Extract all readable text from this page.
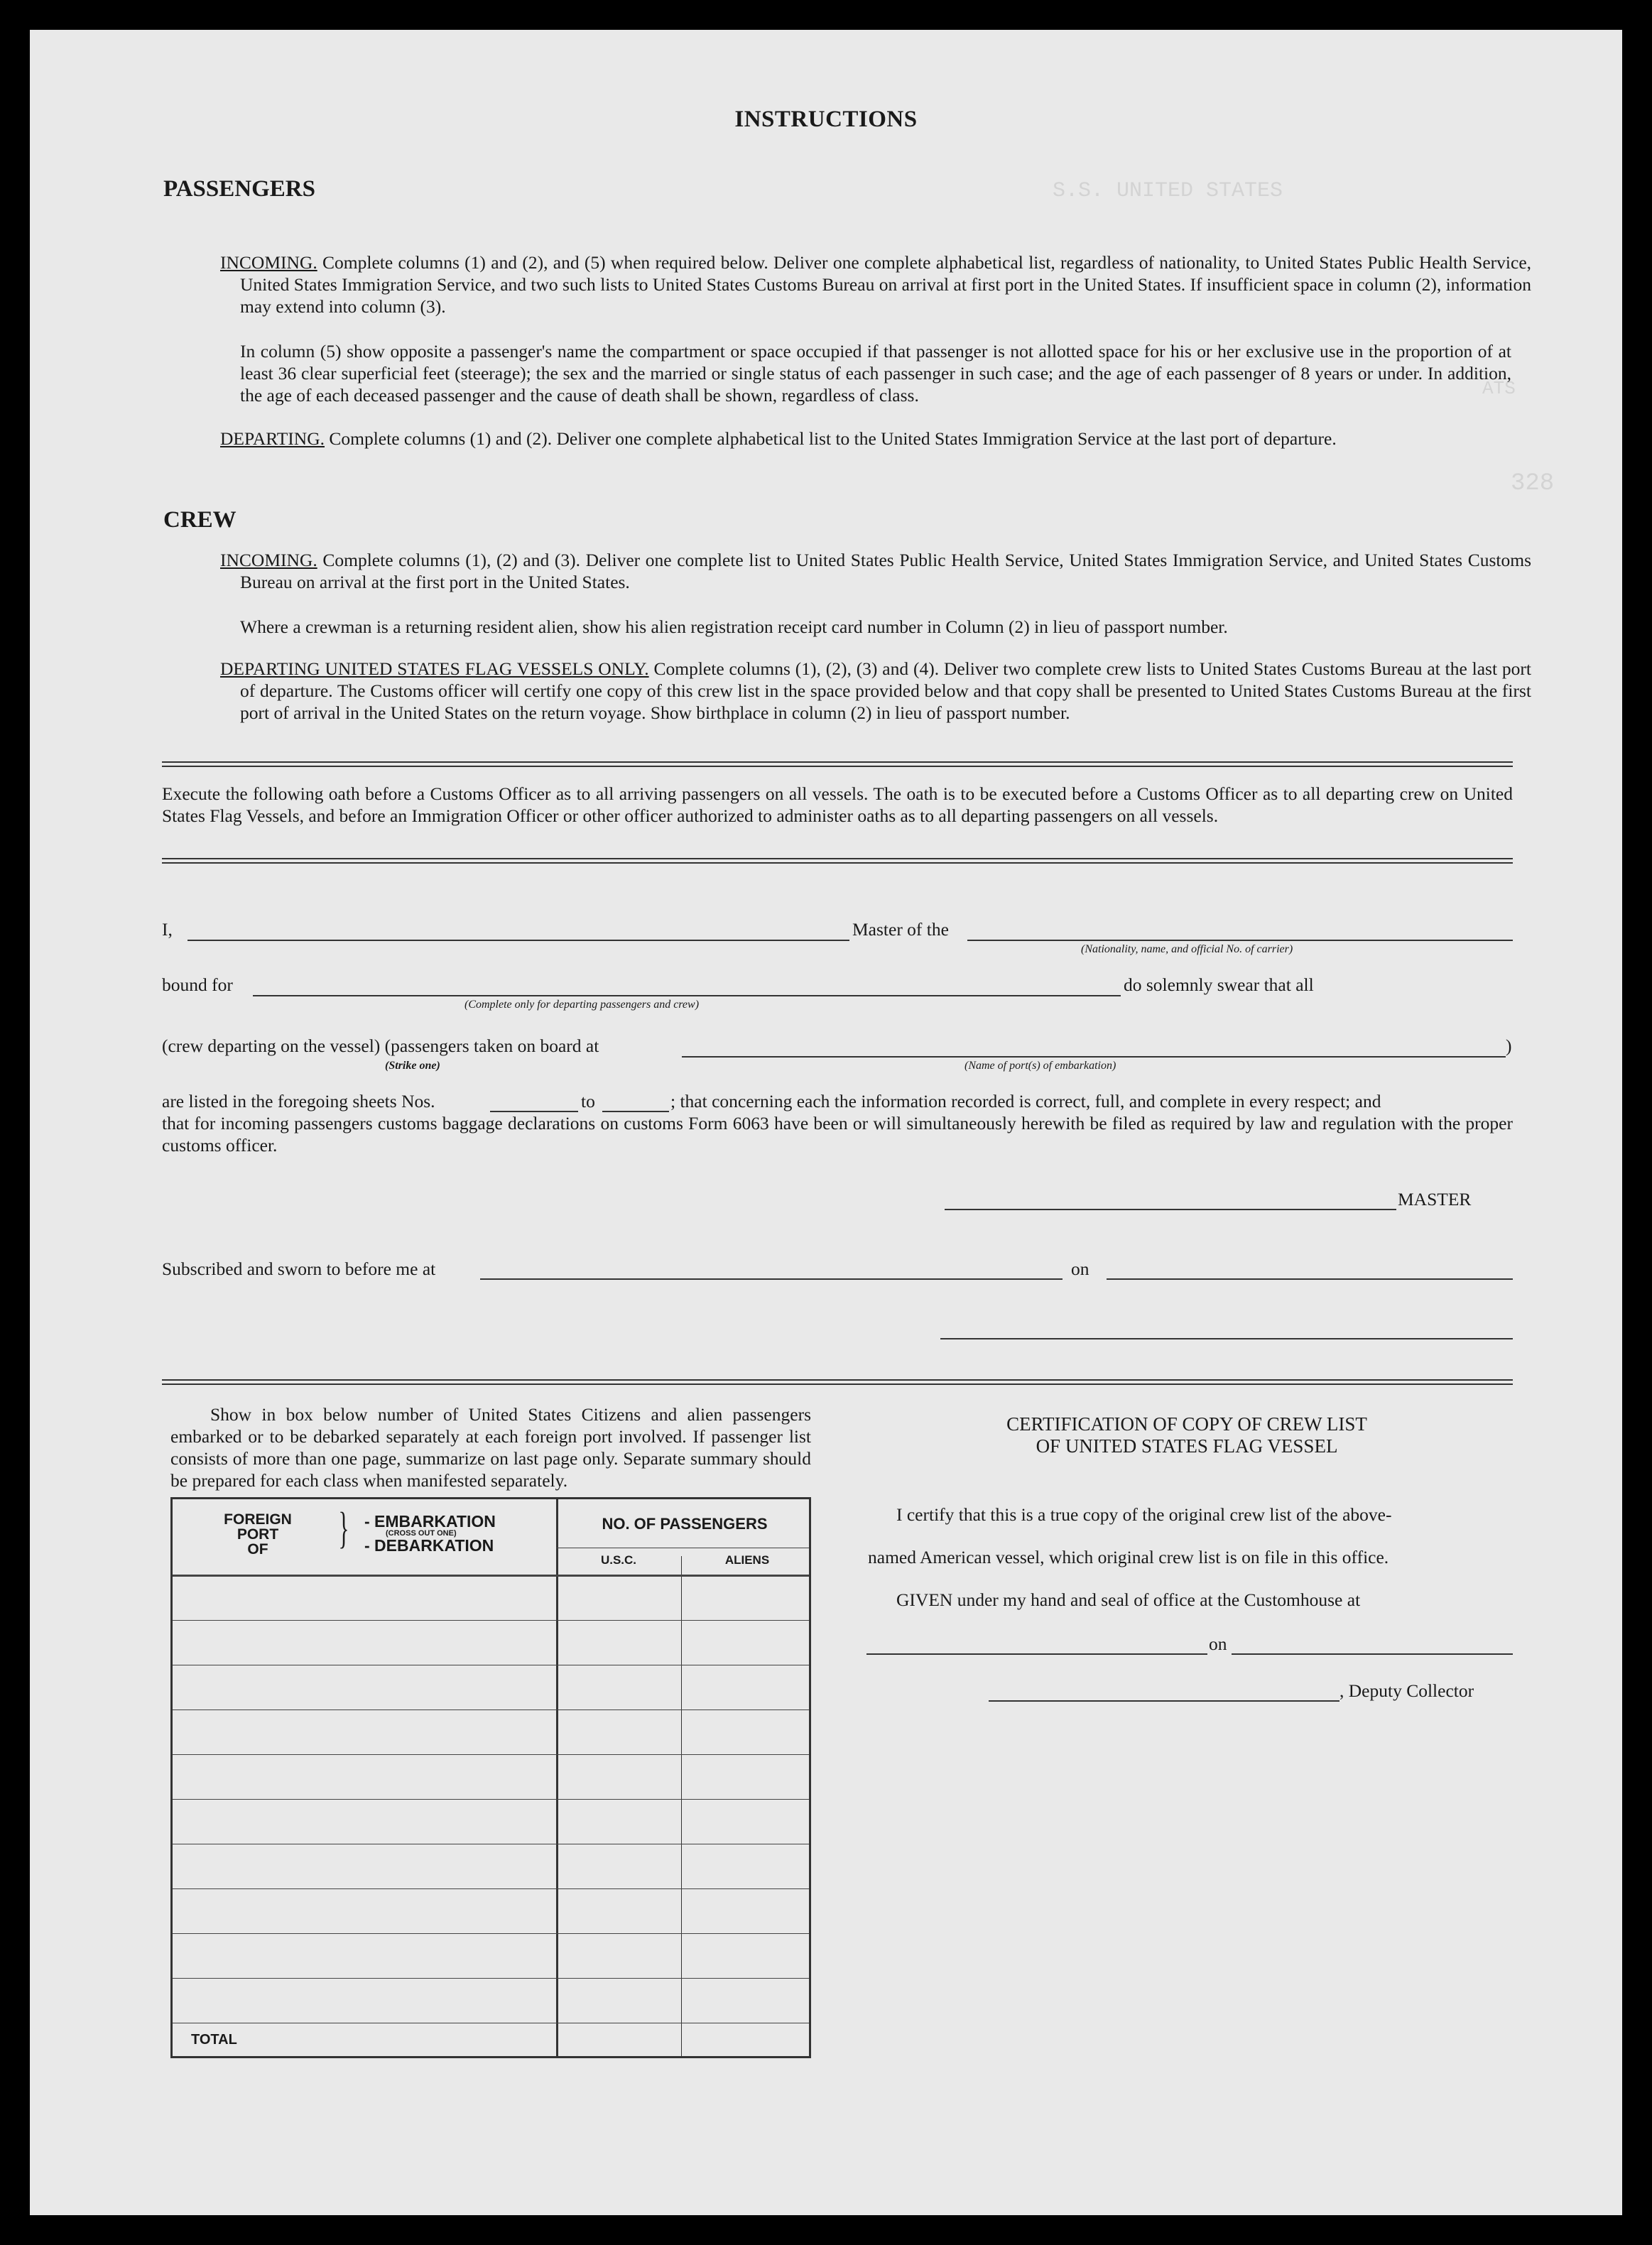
S.S. UNITED STATES
ATS
328
INSTRUCTIONS
PASSENGERS
INCOMING. Complete columns (1) and (2), and (5) when required below. Deliver one complete alphabetical list, regardless of nationality, to United States Public Health Service, United States Immigration Service, and two such lists to United States Customs Bureau on arrival at first port in the United States. If insufficient space in column (2), information may extend into column (3).
In column (5) show opposite a passenger's name the compartment or space occupied if that passenger is not allotted space for his or her exclusive use in the proportion of at least 36 clear superficial feet (steerage); the sex and the married or single status of each passenger in such case; and the age of each passenger of 8 years or under. In addition, the age of each deceased passenger and the cause of death shall be shown, regardless of class.
DEPARTING. Complete columns (1) and (2). Deliver one complete alphabetical list to the United States Immigration Service at the last port of departure.
CREW
INCOMING. Complete columns (1), (2) and (3). Deliver one complete list to United States Public Health Service, United States Immigration Service, and United States Customs Bureau on arrival at the first port in the United States.
Where a crewman is a returning resident alien, show his alien registration receipt card number in Column (2) in lieu of passport number.
DEPARTING UNITED STATES FLAG VESSELS ONLY. Complete columns (1), (2), (3) and (4). Deliver two complete crew lists to United States Customs Bureau at the last port of departure. The Customs officer will certify one copy of this crew list in the space provided below and that copy shall be presented to United States Customs Bureau at the first port of arrival in the United States on the return voyage. Show birthplace in column (2) in lieu of passport number.
Execute the following oath before a Customs Officer as to all arriving passengers on all vessels. The oath is to be executed before a Customs Officer as to all departing crew on United States Flag Vessels, and before an Immigration Officer or other officer authorized to administer oaths as to all departing passengers on all vessels.
I,	Master of the
(Nationality, name, and official No. of carrier)
bound for
(Complete only for departing passengers and crew)
do solemnly swear that all
(crew departing on the vessel) (passengers taken on board at	)
(Strike one)	(Name of port(s) of embarkation)
are listed in the foregoing sheets Nos.	to	; that concerning each the information recorded is correct, full, and complete in every respect; and
that for incoming passengers customs baggage declarations on customs Form 6063 have been or will simultaneously herewith be filed as required by law and regulation with the proper customs officer.
MASTER
Subscribed and sworn to before me at	on
Show in box below number of United States Citizens and alien passengers embarked or to be debarked separately at each foreign port involved. If passenger list consists of more than one page, summarize on last page only. Separate summary should be prepared for each class when manifested separately.
FOREIGN
PORT
OF	} - EMBARKATION
(CROSS OUT ONE)
- DEBARKATION
NO. OF PASSENGERS
U.S.C.	ALIENS
TOTAL
CERTIFICATION OF COPY OF CREW LIST
OF UNITED STATES FLAG VESSEL
I certify that this is a true copy of the original crew list of the above-
named American vessel, which original crew list is on file in this office.
GIVEN under my hand and seal of office at the Customhouse at
on
, Deputy Collector
